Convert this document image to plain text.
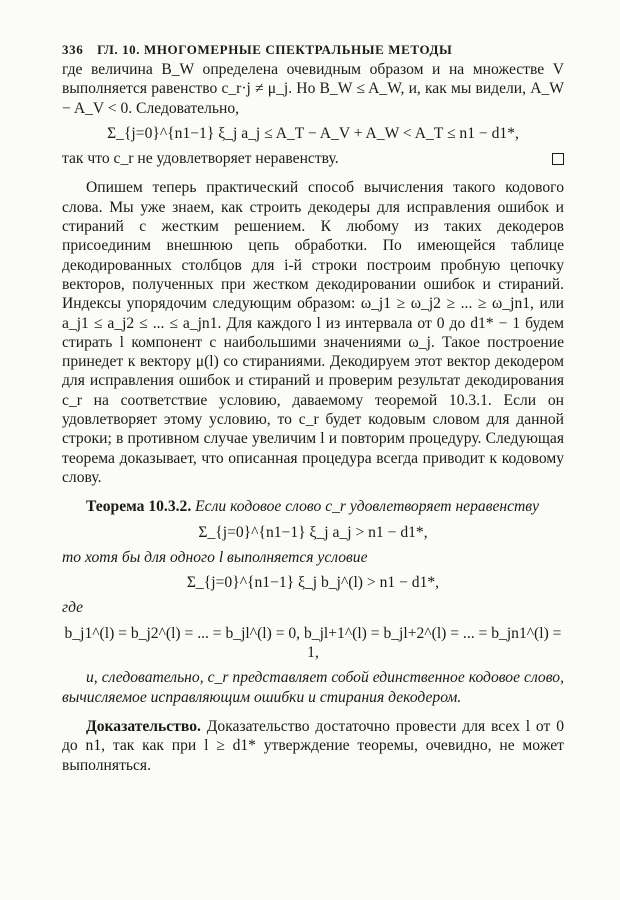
336 ГЛ. 10. МНОГОМЕРНЫЕ СПЕКТРАЛЬНЫЕ МЕТОДЫ

где величина B_W определена очевидным образом и на множестве V выполняется равенство c_r·j ≠ μ_j. Но B_W ≤ A_W, и, как мы видели, A_W − A_V < 0. Следовательно,

Σ_{j=0}^{n1−1} ξ_j a_j ≤ A_T − A_V + A_W < A_T ≤ n1 − d1*,
так что c_r не удовлетворяет неравенству.

Опишем теперь практический способ вычисления такого кодового слова. Мы уже знаем, как строить декодеры для исправления ошибок и стираний с жестким решением. К любому из таких декодеров присоединим внешнюю цепь обработки. По имеющейся таблице декодированных столбцов для i-й строки построим пробную цепочку векторов, полученных при жестком декодировании ошибок и стираний. Индексы упорядочим следующим образом: ω_j1 ≥ ω_j2 ≥ ... ≥ ω_jn1, или a_j1 ≤ a_j2 ≤ ... ≤ a_jn1. Для каждого l из интервала от 0 до d1* − 1 будем стирать l компонент с наибольшими значениями ω_j. Такое построение принедет к вектору μ(l) со стираниями. Декодируем этот вектор декодером для исправления ошибок и стираний и проверим результат декодирования c_r на соответствие условию, даваемому теоремой 10.3.1. Если он удовлетворяет этому условию, то c_r будет кодовым словом для данной строки; в противном случае увеличим l и повторим процедуру. Следующая теорема доказывает, что описанная процедура всегда приводит к кодовому слову.

Теорема 10.3.2. Если кодовое слово c_r удовлетворяет неравенству

Σ_{j=0}^{n1−1} ξ_j a_j > n1 − d1*,

то хотя бы для одного l выполняется условие

Σ_{j=0}^{n1−1} ξ_j b_j^(l) > n1 − d1*,

где

b_j1^(l) = b_j2^(l) = ... = b_jl^(l) = 0, b_jl+1^(l) = b_jl+2^(l) = ... = b_jn1^(l) = 1,

и, следовательно, c_r представляет собой единственное кодовое слово, вычисляемое исправляющим ошибки и стирания декодером.

Доказательство. Доказательство достаточно провести для всех l от 0 до n1, так как при l ≥ d1* утверждение теоремы, очевидно, не может выполняться.
